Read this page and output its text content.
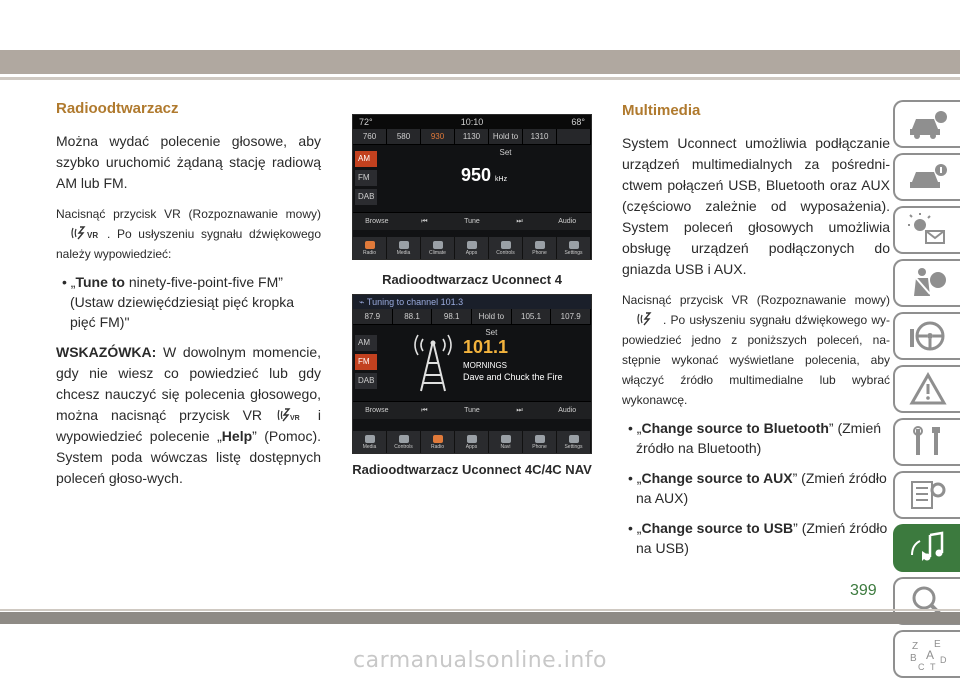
Radioodtwarzacz

Można wydać polecenie głosowe, aby szybko uruchomić żądaną stację radiową AM lub FM.

Nacisnąć przycisk VR (Rozpoznawanie mowy)
VR . Po usłyszeniu sygnału dźwiękowego należy wypowiedzieć:

• „Tune to ninety-five-point-five FM” (Ustaw dziewięćdziesiąt pięć kropka pięć FM)"

WSKAZÓWKA: W dowolnym momencie, gdy nie wiesz co powiedzieć lub gdy chcesz nauczyć się polecenia głosowego, można nacisnąć przycisk VR VR i wypowiedzieć polecenie „Help” (Pomoc). System poda wówczas listę dostępnych poleceń głoso-wych.

72°	10:10	68°
760	580	930	1130	Hold to Set
1310
AM
FM
DAB
950 kHz
Browse	⏮	Tune	⏭	Audio
Radio	Media	Climate	Apps	Controls	Phone	Settings
Radioodtwarzacz Uconnect 4
⌁ Tuning to channel 101.3
87.9	88.1	98.1	Hold to Set
105.1	107.9
AM
FM
DAB
101.1
MORNINGS
Dave and Chuck the Fire
Browse	⏮	Tune	⏭	Audio
Media	Controls	Radio	Apps	Navi	Phone	Settings
Radioodtwarzacz Uconnect 4C/4C NAV
Multimedia

System Uconnect umożliwia podłączanie urządzeń multimedialnych za pośredni-ctwem połączeń USB, Bluetooth oraz AUX (częściowo zależnie od wyposażenia). System poleceń głosowych umożliwia obsługę urządzeń podłączonych do gniazda USB i AUX.

Nacisnąć przycisk VR (Rozpoznawanie mowy) . Po usłyszeniu sygnału dźwiękowego wy-powiedzieć jedno z poniższych poleceń, na-stępnie wykonać wyświetlane polecenia, aby włączyć źródło multimedialne lub wybrać wykonawcę.

• „Change source to Bluetooth” (Zmień źródło na Bluetooth)

• „Change source to AUX” (Zmień źródło na AUX)

• „Change source to USB” (Zmień źródło na USB)

Z E
B A D
C T
399
carmanualsonline.info
